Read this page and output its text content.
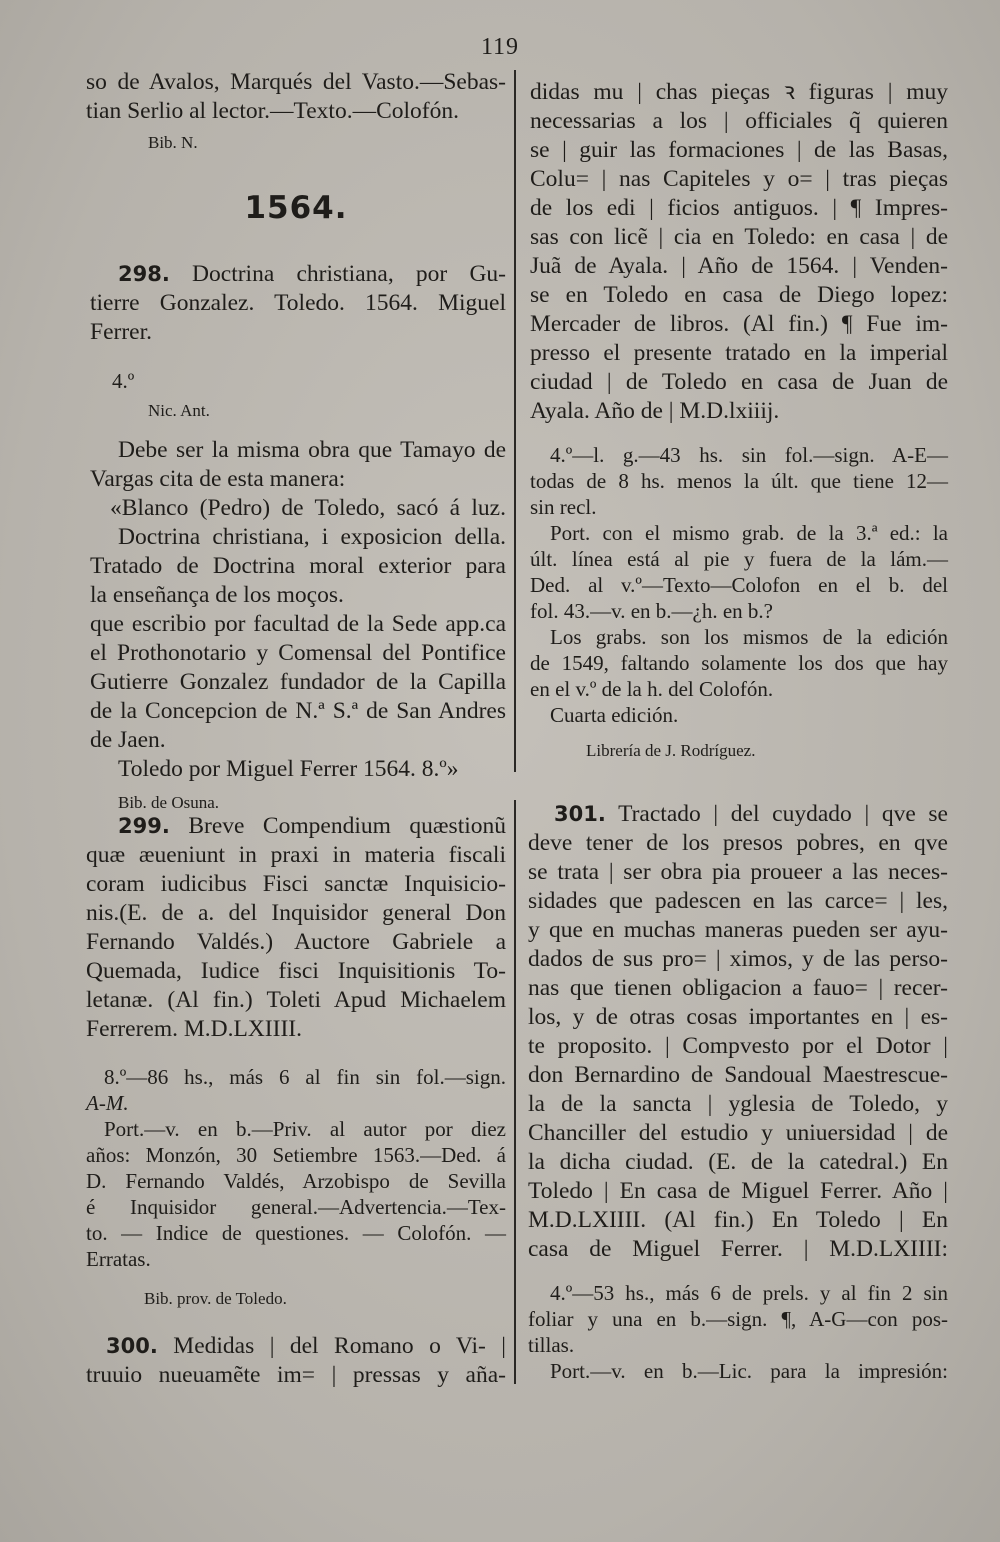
119
so de Avalos, Marqués del Vasto.—Sebas-
tian Serlio al lector.—Texto.—Colofón.
Bib. N.
1564.
298. Doctrina christiana, por Gu-
tierre Gonzalez. Toledo. 1564. Miguel
Ferrer.
4.º
Nic. Ant.
Debe ser la misma obra que Tamayo de
Vargas cita de esta manera:
«Blanco (Pedro) de Toledo, sacó á luz.
Doctrina christiana, i exposicion della.
Tratado de Doctrina moral exterior para
la enseñança de los moços.
que escribio por facultad de la Sede app.ca
el Prothonotario y Comensal del Pontifice
Gutierre Gonzalez fundador de la Capilla
de la Concepcion de N.ª S.ª de San Andres
de Jaen.
Toledo por Miguel Ferrer 1564. 8.º»
Bib. de Osuna.
299. Breve Compendium quæstionũ
quæ æueniunt in praxi in materia fiscali
coram iudicibus Fisci sanctæ Inquisicio-
nis.(E. de a. del Inquisidor general Don
Fernando Valdés.) Auctore Gabriele a
Quemada, Iudice fisci Inquisitionis To-
letanæ. (Al fin.) Toleti Apud Michaelem
Ferrerem. M.D.LXIIII.
8.º—86 hs., más 6 al fin sin fol.—sign.
A-M.
Port.—v. en b.—Priv. al autor por diez
años: Monzón, 30 Setiembre 1563.—Ded. á
D. Fernando Valdés, Arzobispo de Sevilla
é Inquisidor general.—Advertencia.—Tex-
to. — Indice de questiones. — Colofón. —
Erratas.
Bib. prov. de Toledo.
300. Medidas | del Romano o Vi- |
truuio nueuamẽte im= | pressas y aña-
didas mu | chas pieças ꝛ figuras | muy
necessarias a los | officiales q̃ quieren
se | guir las formaciones | de las Basas,
Colu= | nas Capiteles y o= | tras pieças
de los edi | ficios antiguos. | ¶ Impres-
sas con licẽ | cia en Toledo: en casa | de
Juã de Ayala. | Año de 1564. | Venden-
se en Toledo en casa de Diego lopez:
Mercader de libros. (Al fin.) ¶ Fue im-
presso el presente tratado en la imperial
ciudad | de Toledo en casa de Juan de
Ayala. Año de | M.D.lxiiij.
4.º—l. g.—43 hs. sin fol.—sign. A-E—
todas de 8 hs. menos la últ. que tiene 12—
sin recl.
Port. con el mismo grab. de la 3.ª ed.: la
últ. línea está al pie y fuera de la lám.—
Ded. al v.º—Texto—Colofon en el b. del
fol. 43.—v. en b.—¿h. en b.?
Los grabs. son los mismos de la edición
de 1549, faltando solamente los dos que hay
en el v.º de la h. del Colofón.
Cuarta edición.
Librería de J. Rodríguez.
301. Tractado | del cuydado | qve se
deve tener de los presos pobres, en qve
se trata | ser obra pia proueer a las neces-
sidades que padescen en las carce= | les,
y que en muchas maneras pueden ser ayu-
dados de sus pro= | ximos, y de las perso-
nas que tienen obligacion a fauo= | recer-
los, y de otras cosas importantes en | es-
te proposito. | Compvesto por el Dotor |
don Bernardino de Sandoual Maestrescue-
la de la sancta | yglesia de Toledo, y
Chanciller del estudio y uniuersidad | de
la dicha ciudad. (E. de la catedral.) En
Toledo | En casa de Miguel Ferrer. Año |
M.D.LXIIII. (Al fin.) En Toledo | En
casa de Miguel Ferrer. | M.D.LXIIII:
4.º—53 hs., más 6 de prels. y al fin 2 sin
foliar y una en b.—sign. ¶, A-G—con pos-
tillas.
Port.—v. en b.—Lic. para la impresión:
